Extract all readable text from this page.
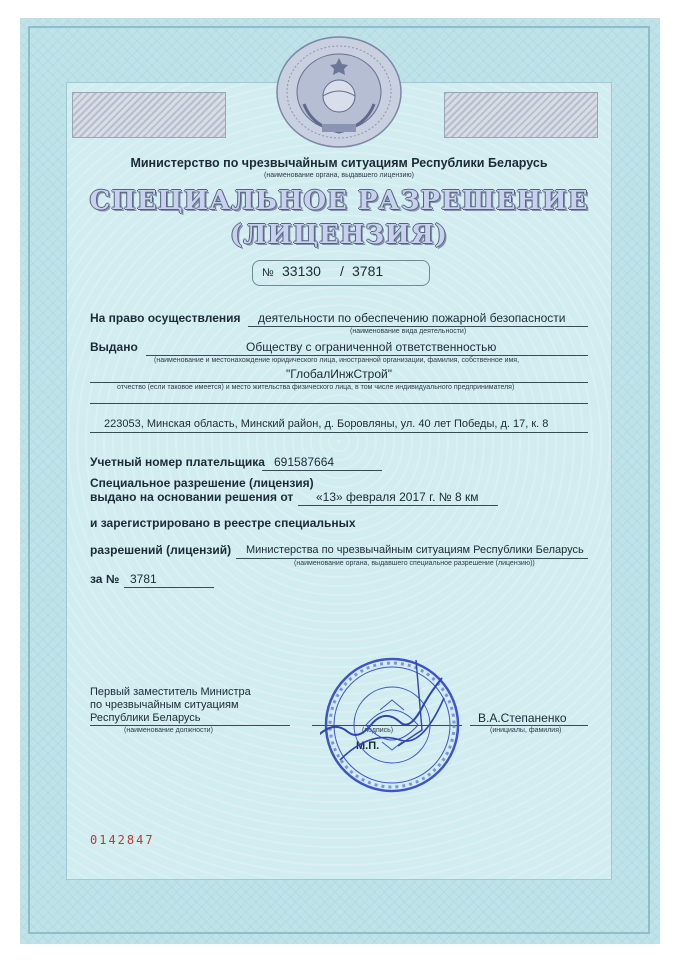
Министерство по чрезвычайным ситуациям Республики Беларусь
(наименование органа, выдавшего лицензию)
СПЕЦИАЛЬНОЕ РАЗРЕШЕНИЕ
(ЛИЦЕНЗИЯ)
№ 33130 / 3781
На право осуществления деятельности по обеспечению пожарной безопасности
(наименование вида деятельности)
Выдано	Обществу с ограниченной ответственностью
(наименование и местонахождение юридического лица, иностранной организации, фамилия, собственное имя,
"ГлобалИнжСтрой"
отчество (если таковое имеется) и место жительства физического лица, в том числе индивидуального предпринимателя)
223053, Минская область, Минский район, д. Боровляны, ул. 40 лет Победы, д. 17, к. 8
Учетный номер плательщика 691587664
Специальное разрешение (лицензия)
выдано на основании решения от «13» февраля 2017 г. № 8 км
и зарегистрировано в реестре специальных
разрешений (лицензий) Министерства по чрезвычайным ситуациям Республики Беларусь
(наименование органа, выдавшего специальное разрешение (лицензию))
за № 3781
Первый заместитель Министра
по чрезвычайным ситуациям
Республики Беларусь
(наименование должности)	(подпись)
М.П.
В.А.Степаненко
(инициалы, фамилия)
0142847
